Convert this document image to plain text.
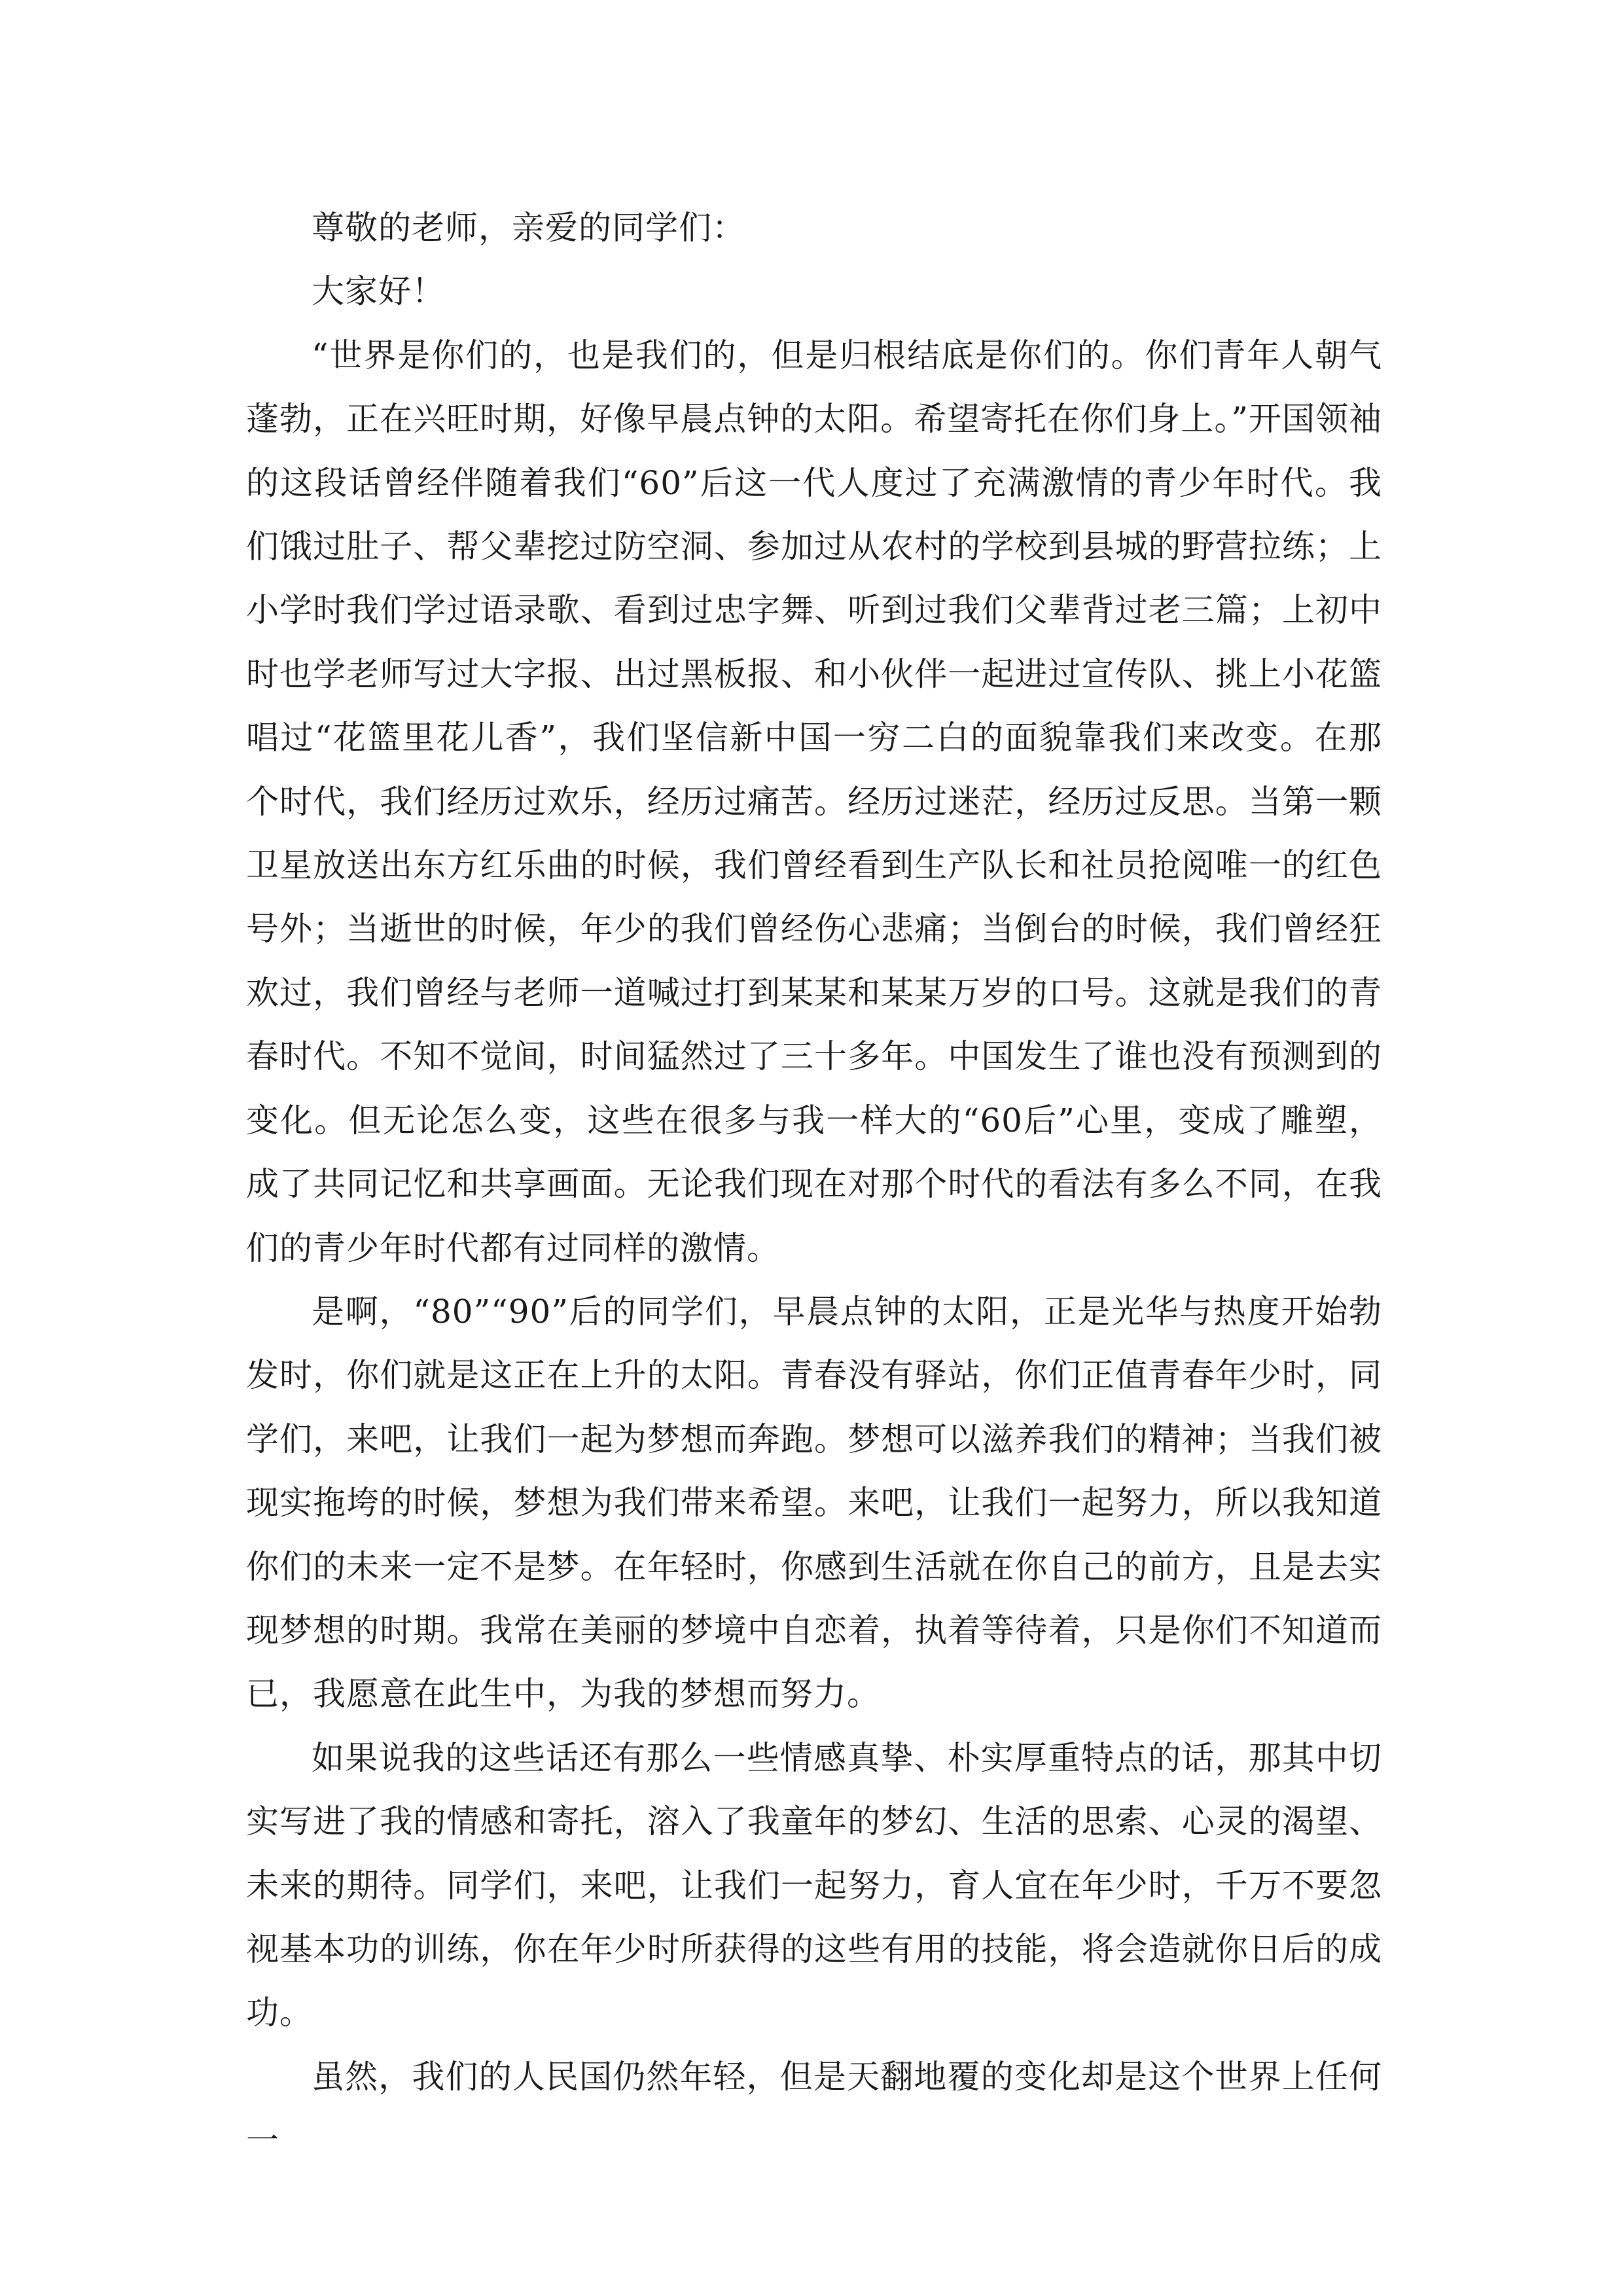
尊敬的老师，亲爱的同学们：

大家好！

“世界是你们的，也是我们的，但是归根结底是你们的。你们青年人朝气蓬勃，正在兴旺时期，好像早晨点钟的太阳。希望寄托在你们身上。”开国领袖的这段话曾经伴随着我们“60”后这一代人度过了充满激情的青少年时代。我们饿过肚子、帮父辈挖过防空洞、参加过从农村的学校到县城的野营拉练；上小学时我们学过语录歌、看到过忠字舞、听到过我们父辈背过老三篇；上初中时也学老师写过大字报、出过黑板报、和小伙伴一起进过宣传队、挑上小花篮唱过“花篮里花儿香”，我们坚信新中国一穷二白的面貌靠我们来改变。在那个时代，我们经历过欢乐，经历过痛苦。经历过迷茫，经历过反思。当第一颗卫星放送出东方红乐曲的时候，我们曾经看到生产队长和社员抢阅唯一的红色号外；当逝世的时候，年少的我们曾经伤心悲痛；当倒台的时候，我们曾经狂欢过，我们曾经与老师一道喊过打到某某和某某万岁的口号。这就是我们的青春时代。不知不觉间，时间猛然过了三十多年。中国发生了谁也没有预测到的变化。但无论怎么变，这些在很多与我一样大的“60后”心里，变成了雕塑，成了共同记忆和共享画面。无论我们现在对那个时代的看法有多么不同，在我们的青少年时代都有过同样的激情。

是啊，“80”“90”后的同学们，早晨点钟的太阳，正是光华与热度开始勃发时，你们就是这正在上升的太阳。青春没有驿站，你们正值青春年少时，同学们，来吧，让我们一起为梦想而奔跑。梦想可以滋养我们的精神；当我们被现实拖垮的时候，梦想为我们带来希望。来吧，让我们一起努力，所以我知道你们的未来一定不是梦。在年轻时，你感到生活就在你自己的前方，且是去实现梦想的时期。我常在美丽的梦境中自恋着，执着等待着，只是你们不知道而已，我愿意在此生中，为我的梦想而努力。

如果说我的这些话还有那么一些情感真挚、朴实厚重特点的话，那其中切实写进了我的情感和寄托，溶入了我童年的梦幻、生活的思索、心灵的渴望、未来的期待。同学们，来吧，让我们一起努力，育人宜在年少时，千万不要忽视基本功的训练，你在年少时所获得的这些有用的技能，将会造就你日后的成功。

虽然，我们的人民国仍然年轻，但是天翻地覆的变化却是这个世界上任何一
